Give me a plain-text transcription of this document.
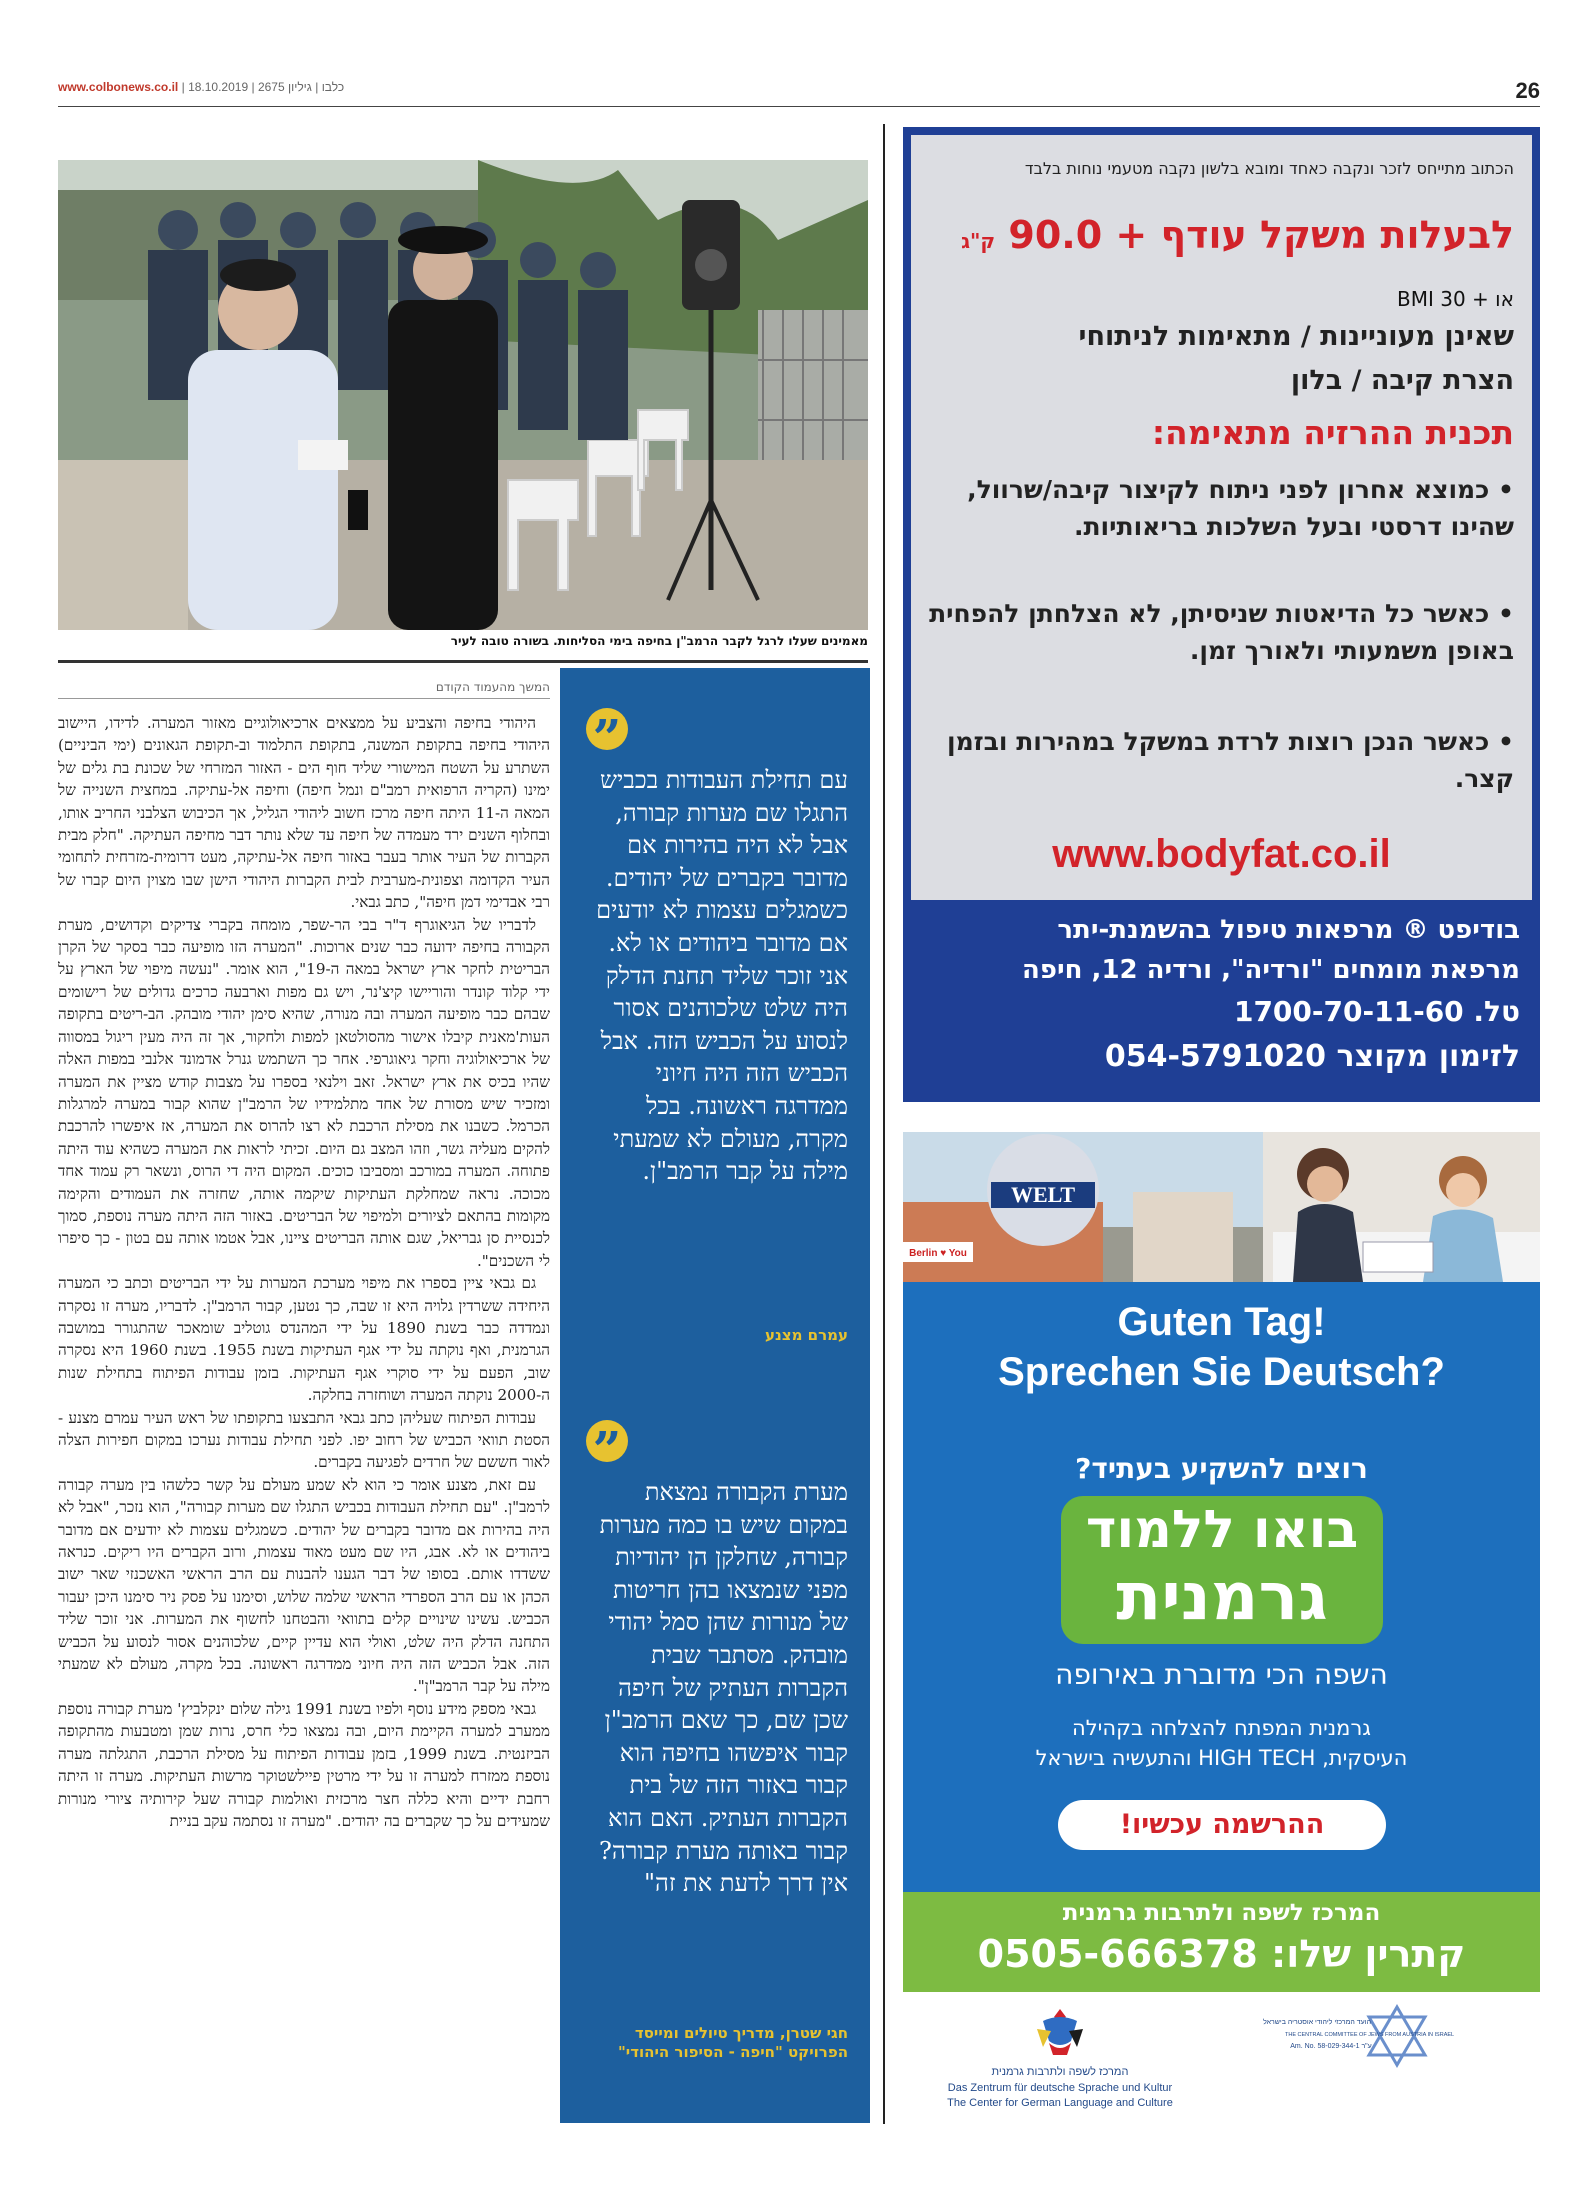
www.colbonews.co.il |	כלבו | גיליון 2675 | 18.10.2019	26
מאמינים שעלו לרגל לקבר הרמב"ן בחיפה בימי הסליחות. בשורה טובה לעיר
המשך מהעמוד הקודם

היהודי בחיפה והצביע על ממצאים ארכיאולוגיים מאזור המערה. לדידו, היישוב היהודי בחיפה בתקופת המשנה, בתקופת התלמוד וב-תקופת הגאונים (ימי הביניים) השתרע על השטח המישורי שליד חוף הים - האזור המזרחי של שכונת בת גלים של ימינו (הקריה הרפואית רמב"ם ונמל חיפה) וחיפה אל-עתיקה. במחצית השנייה של המאה ה-11 היתה חיפה מרכז חשוב ליהודי הגליל, אך הכיבוש הצלבני החריב אותו, ובחלוף השנים ירד מעמדה של חיפה עד שלא נותר דבר מחיפה העתיקה. "חלק מבית הקברות של העיר אותר בעבר באזור חיפה אל-עתיקה, מעט דרומית-מזרחית לתחומי העיר הקדומה וצפונית-מערבית לבית הקברות היהודי הישן שבו מצוין היום קברו של רבי אבדימי דמן חיפה", כתב גבאי.

לדבריו של הגיאוגרף ד"ר בבי הר-שפר, מומחה בקברי צדיקים וקדושים, מערת הקבורה בחיפה ידועה כבר שנים ארוכות. "המערה הזו מופיעה כבר בסקר של הקרן הבריטית לחקר ארץ ישראל במאה ה-19", הוא אומר. "נעשה מיפוי של הארץ על ידי קלוד קונדר והוריישו קיצ'נר, ויש גם מפות וארבעה כרכים גדולים של רישומים שבהם כבר מופיעה המערה ובה מנורה, שהיא סימן יהודי מובהק. הב-ריטים בתקופה העות'מאנית קיבלו אישור מהסולטאן למפות ולחקור, אך זה היה מעין ריגול במסווה של ארכיאולוגיה וחקר גיאוגרפי. אחר כך השתמש גנרל אדמונד אלנבי במפות האלה שהיו בכיס את ארץ ישראל. זאב וילנאי בספרו על מצבות קודש מציין את המערה ומזכיר שיש מסורת של אחד מתלמידיו של הרמב"ן שהוא קבור במערה למרגלות הכרמל. כשבנו את מסילת הרכבת לא רצו להרוס את המערה, אז איפשרו להרכבת להקים מעליה גשר, וזהו המצב גם היום. זכיתי לראות את המערה כשהיא עוד היתה פתוחה. המערה במורכב ומסביבו כוכים. המקום היה די הרוס, ונשאר רק עמוד אחד מכוכה. נראה שמחלקת העתיקות שיקמה אותה, שחזרה את העמודים והקימה מקומות בהתאם לציורים ולמיפוי של הבריטים. באזור הזה היתה מערה נוספת, סמוך לכנסיית סן גבריאל, שגם אותה הבריטים ציינו, אבל אטמו אותה עם בטון - כך סיפרו לי השכנים".

גם גבאי ציין בספרו את מיפוי מערכת המערות על ידי הבריטים וכתב כי המערה היחידה ששרדין גלויה היא זו שבה, כך נטען, קבור הרמב"ן. לדבריו, מערה זו נסקרה ונמדדה כבר בשנת 1890 על ידי המהנדס גוטליב שומאכר שהתגורר במושבה הגרמנית, ואף נוקתה על ידי אגף העתיקות בשנת 1955. בשנת 1960 היא נסקרה שוב, הפעם על ידי סוקרי אגף העתיקות. בזמן עבודות הפיתוח בתחילת שנות ה-2000 נוקתה המערה ושוחזרה בחלקה.

עבודות הפיתוח שעליהן כתב גבאי התבצעו בתקופתו של ראש העיר עמרם מצנע - הסטת תוואי הכביש של רחוב יפו. לפני תחילת עבודות נערכו במקום חפירות הצלה לאור חששם של חרדים לפגיעה בקברים.

עם זאת, מצנע אומר כי הוא לא שמע מעולם על קשר כלשהו בין מערה קבורה לרמב"ן. "עם תחילת העבודות בכביש התגלו שם מערות קבורה", הוא נזכר, "אבל לא היה בהירות אם מדובר בקברים של יהודים. כשמגלים עצמות לא יודעים אם מדובר ביהודים או לא. אבג, היו שם מעט מאוד עצמות, ורוב הקברים היו ריקים. כנראה ששדדו אותם. בסופו של דבר הגענו להבנות עם הרב הראשי האשכנזי שאר ישוב הכהן או עם הרב הספרדי הראשי שלמה שלוש, וסימנו על פסק ניר סימנו היכן יעבור הכביש. עשינו שינויים קלים בתוואי והבטחנו לחשוף את המערות. אני זוכר שליד התחנה הדלק היה שלט, ואולי הוא עדיין קיים, שלכוהנים אסור לנסוע על הכביש הזה. אבל הכביש הזה היה חיוני ממדרגה ראשונה. בכל מקרה, מעולם לא שמעתי מילה על קבר הרמב"ן".

גבאי מספק מידע נוסף ולפיו בשנת 1991 גילה שלום ינקלביץ' מערת קבורה נוספת ממערב למערה הקיימת היום, ובה נמצאו כלי חרס, נרות שמן ומטבעות מהתקופה הביזנטית. בשנת 1999, בזמן עבודות הפיתוח על מסילת הרכבת, התגלתה מערה נוספת ממזרח למערה זו על ידי מרטין פיילשטוקר מרשות העתיקות. מערה זו היתה רחבת ידיים והיא כללה חצר מרכזית ואולמות קבורה שעל קירותיה ציורי מנורות שמעידים על כך שקברים בה יהודים. "מערה זו נסתמה עקב בניית

”
עם תחילת העבודות בכביש התגלו שם מערות קבורה, אבל לא היה בהירות אם מדובר בקברים של יהודים. כשמגלים עצמות לא יודעים אם מדובר ביהודים או לא. אני זוכר שליד תחנת הדלק היה שלט שלכוהנים אסור לנסוע על הכביש הזה. אבל הכביש הזה היה חיוני ממדרגה ראשונה. בכל מקרה, מעולם לא שמעתי מילה על קבר הרמב"ן.
עמרם מצנע
”
מערת הקבורה נמצאת במקום שיש בו כמה מערות קבורה, שחלקן הן יהודיות מפני שנמצאו בהן חריטות של מנורות שהן סמל יהודי מובהק. מסתבר שבית הקברות העתיק של חיפה שכן שם, כך שאם הרמב"ן קבור איפשהו בחיפה הוא קבור באזור הזה של בית הקברות העתיק. האם הוא קבור באותה מערת קבורה? אין דרך לדעת את זה"
חגי שטרן, מדריך טיולים ומייסד הפרויקט "חיפה - הסיפור היהודי"
הכתוב מתייחס לזכר ונקבה כאחד ומובא בלשון נקבה מטעמי נוחות בלבד
לבעלות משקל עודף + 90.0 ק"ג
או + 30 BMI
שאינן מעוניינות / מתאימות לניתוחי
הצרת קיבה / בלון
תכנית ההרזיה מתאימה:
• כמוצא אחרון לפני ניתוח לקיצור קיבה/שרוול, שהינו דרסטי ובעל השלכות בריאותיות.
• כאשר כל הדיאטות שניסיתן, לא הצלחתן להפחית באופן משמעותי ולאורך זמן.
• כאשר הנכן רוצות לרדת במשקל במהירות ובזמן קצר.
www.bodyfat.co.il
בודיפט ® מרפאות טיפול בהשמנת-יתר
מרפאת מומחים "ורדיה", ורדיה 12, חיפה
טל. 1700-70-11-60
לזימון מקוצר 054-5791020
WELT
Berlin ♥ You
Guten Tag!
Sprechen Sie Deutsch?
רוצים להשקיע בעתיד?
בואו ללמוד
גרמנית
השפה הכי מדוברת באירופה
גרמנית המפתח להצלחה בקהילה
העיסקית, HIGH TECH והתעשיה בישראל
ההרשמה עכשיו!
המרכז לשפה ולתרבות גרמנית
קתרין שלו: 0505-666378
המרכז לשפה ולתרבות גרמנית
Das Zentrum für deutsche Sprache und Kultur
The Center for German Language and Culture
הועד המרכזי ליהודי אוסטריה בישראל
THE CENTRAL COMMITTEE OF JEWS FROM AUSTRIA IN ISRAEL
Am. No. 58-029-344-1 ע"ר
